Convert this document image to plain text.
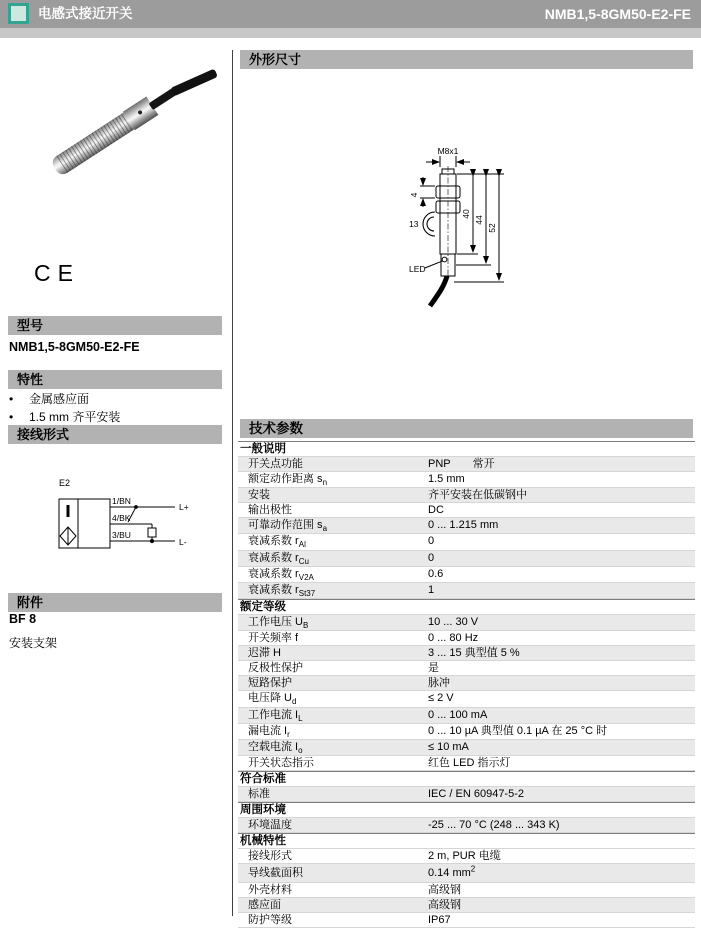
电感式接近开关	NMB1,5-8GM50-E2-FE
CE
型号
NMB1,5-8GM50-E2-FE
特性
•	金属感应面
•	1.5 mm 齐平安装
接线形式
E2
1/BN
4/BK
3/BU
L+
L-
附件
BF 8
安装支架
外形尺寸
M8x1
4
13
40
44
52
LED
技术参数
一般说明
开关点功能	PNP 常开
额定动作距离 $s_n$	1.5 mm
安装	齐平安装在低碳钢中
输出极性	DC
可靠动作范围 $s_a$	0 ... 1.215 mm
衰减系数 $r_{Al}$	0
衰减系数 $r_{Cu}$	0
衰减系数 $r_{V2A}$	0.6
衰减系数 $r_{St37}$	1
额定等级
工作电压 $U_B$	10 ... 30 V
开关频率 f	0 ... 80 Hz
迟滞 H	3 ... 15 典型值 5 %
反极性保护	是
短路保护	脉冲
电压降 $U_d$	≤ 2 V
工作电流 $I_L$	0 ... 100 mA
漏电流 $I_r$	0 ... 10 µA 典型值 0.1 µA 在 25 °C 时
空载电流 $I_o$	≤ 10 mA
开关状态指示	红色 LED 指示灯
符合标准
标准	IEC / EN 60947-5-2
周围环境
环境温度	-25 ... 70 °C (248 ... 343 K)
机械特性
接线形式	2 m, PUR 电缆
导线截面积	0.14 $mm^2$
外壳材料	高级钢
感应面	高级钢
防护等级	IP67
